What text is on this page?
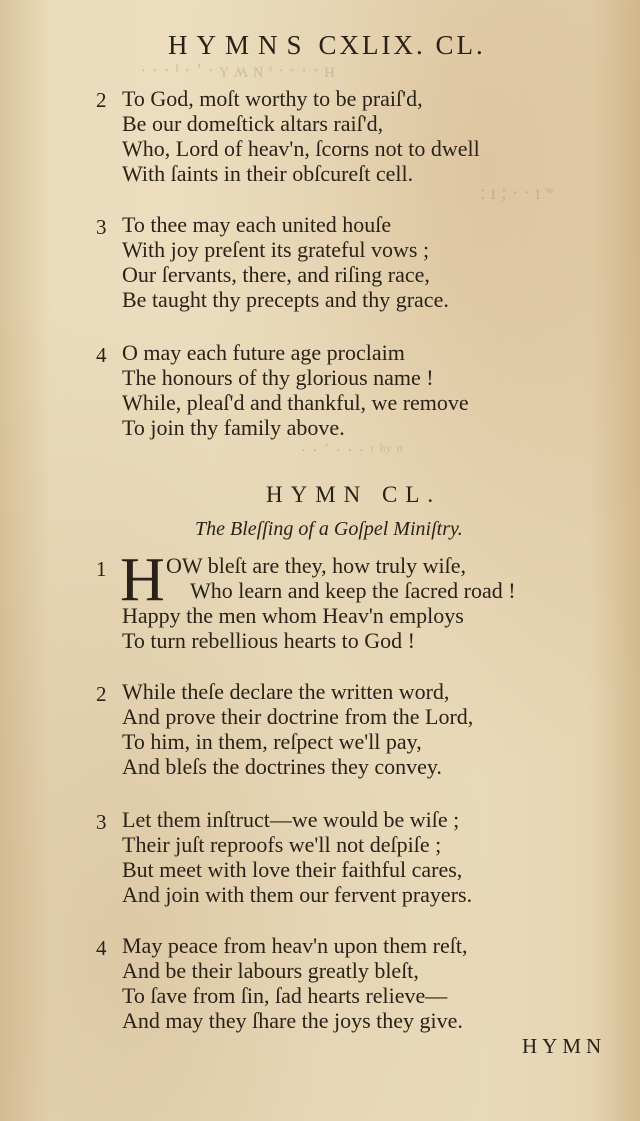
· · · ᴵ · ʼ · ʏ ʍ ɴ ˢ · · · · ʜ
: ı ; · · ı ʷ
· · ˙ · · · ʳ ʰʸ ⁿ
HYMNS CXLIX. CL.
2 To God, moſt worthy to be praiſ'd,
Be our domeſtick altars raiſ'd,
Who, Lord of heav'n, ſcorns not to dwell
With ſaints in their obſcureſt cell.
3 To thee may each united houſe
With joy preſent its grateful vows ;
Our ſervants, there, and riſing race,
Be taught thy precepts and thy grace.
4 O may each future age proclaim
The honours of thy glorious name !
While, pleaſ'd and thankful, we remove
To join thy family above.
HYMN CL.
The Bleſſing of a Goſpel Miniſtry.
1	OW bleſt are they, how truly wiſe,
Who learn and keep the ſacred road !
Happy the men whom Heav'n employs
To turn rebellious hearts to God !
H
2 While theſe declare the written word,
And prove their doctrine from the Lord,
To him, in them, reſpect we'll pay,
And bleſs the doctrines they convey.
3 Let them inſtruct—we would be wiſe ;
Their juſt reproofs we'll not deſpiſe ;
But meet with love their faithful cares,
And join with them our fervent prayers.
4 May peace from heav'n upon them reſt,
And be their labours greatly bleſt,
To ſave from ſin, ſad hearts relieve—
And may they ſhare the joys they give.
HYMN
